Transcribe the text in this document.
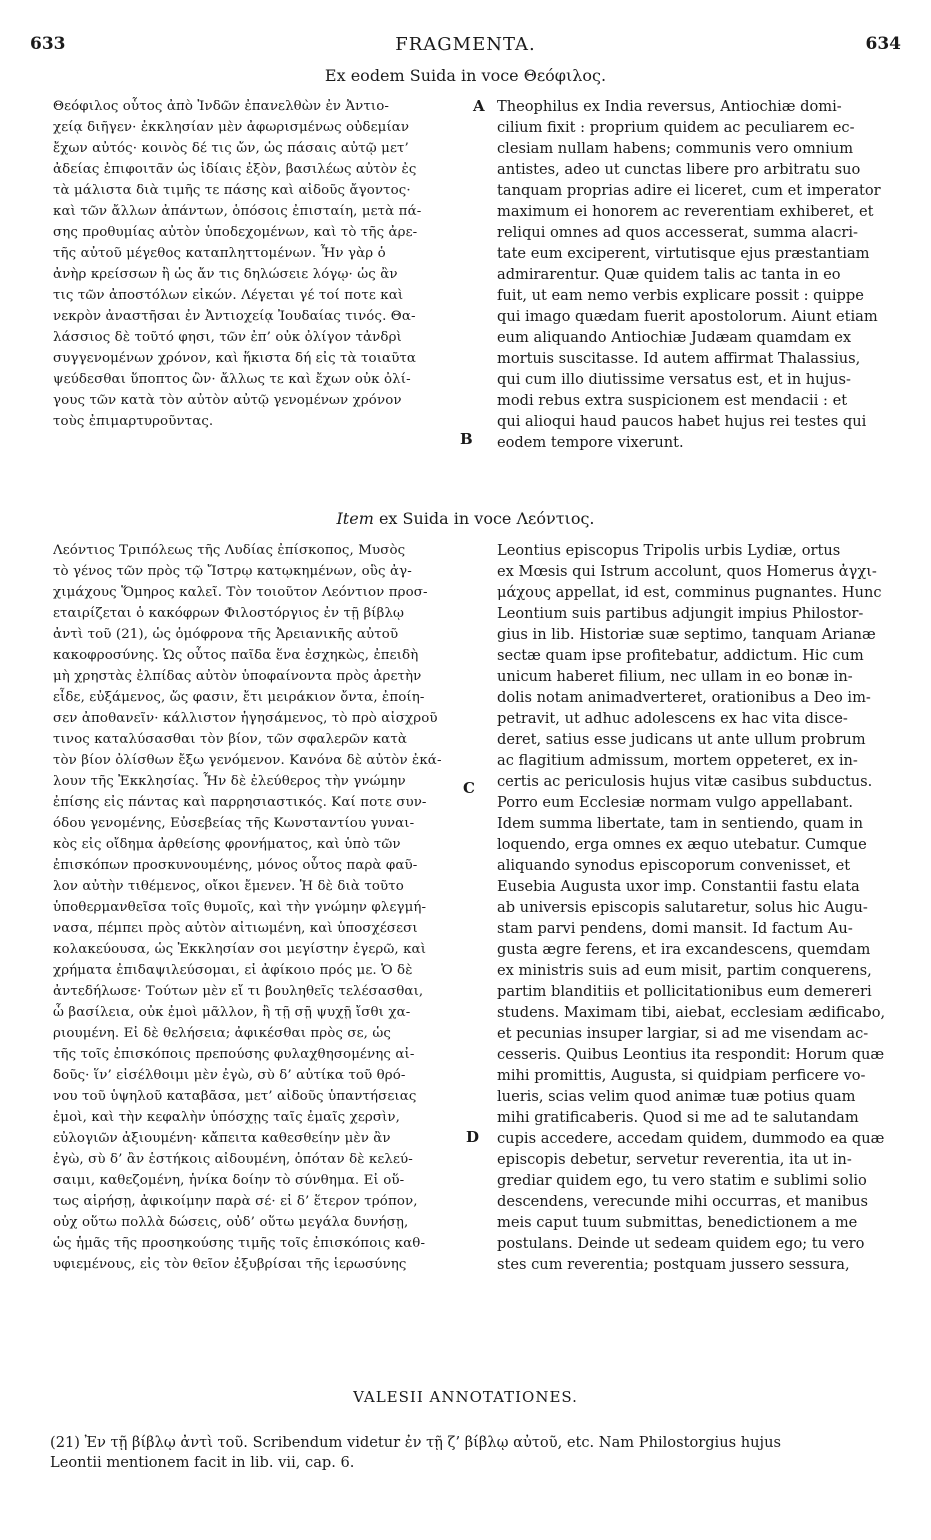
633	FRAGMENTA.	634
Ex eodem Suida in voce Θεόφιλος.
Θεόφιλος οὗτος ἀπὸ Ἰνδῶν ἐπανελθὼν ἐν Ἀντιο-
χείᾳ διῆγεν· ἐκκλησίαν μὲν ἀφωρισμένως οὐδεμίαν
ἔχων αὐτός· κοινὸς δέ τις ὤν, ὡς πάσαις αὐτῷ μετ’
ἀδείας ἐπιφοιτᾶν ὡς ἰδίαις ἐξὸν, βασιλέως αὐτὸν ἐς
τὰ μάλιστα διὰ τιμῆς τε πάσης καὶ αἰδοῦς ἄγοντος·
καὶ τῶν ἄλλων ἀπάντων, ὁπόσοις ἐπισταίη, μετὰ πά-
σης προθυμίας αὐτὸν ὑποδεχομένων, καὶ τὸ τῆς ἀρε-
τῆς αὐτοῦ μέγεθος καταπληττομένων. Ἦν γὰρ ὁ
ἀνὴρ κρείσσων ἢ ὡς ἄν τις δηλώσειε λόγῳ· ὡς ἂν
τις τῶν ἀποστόλων εἰκών. Λέγεται γέ τοί ποτε καὶ
νεκρὸν ἀναστῆσαι ἐν Ἀντιοχείᾳ Ἰουδαίας τινός. Θα-
λάσσιος δὲ τοῦτό φησι, τῶν ἐπ’ οὐκ ὀλίγον τἀνδρὶ
συγγενομένων χρόνον, καὶ ἥκιστα δή εἰς τὰ τοιαῦτα
ψεύδεσθαι ὕποπτος ὢν· ἄλλως τε καὶ ἔχων οὐκ ὀλί-
γους τῶν κατὰ τὸν αὐτὸν αὐτῷ γενομένων χρόνον
τοὺς ἐπιμαρτυροῦντας.
Theophilus ex India reversus, Antiochiæ domi-
cilium fixit : proprium quidem ac peculiarem ec-
clesiam nullam habens; communis vero omnium
antistes, adeo ut cunctas libere pro arbitratu suo
tanquam proprias adire ei liceret, cum et imperator
maximum ei honorem ac reverentiam exhiberet, et
reliqui omnes ad quos accesserat, summa alacri-
tate eum exciperent, virtutisque ejus præstantiam
admirarentur. Quæ quidem talis ac tanta in eo
fuit, ut eam nemo verbis explicare possit : quippe
qui imago quædam fuerit apostolorum. Aiunt etiam
eum aliquando Antiochiæ Judæam quamdam ex
mortuis suscitasse. Id autem affirmat Thalassius,
qui cum illo diutissime versatus est, et in hujus-
modi rebus extra suspicionem est mendacii : et
qui alioqui haud paucos habet hujus rei testes qui
eodem tempore vixerunt.
A
B
Item ex Suida in voce Λεόντιος.
Λεόντιος Τριπόλεως τῆς Λυδίας ἐπίσκοπος, Μυσὸς
τὸ γένος τῶν πρὸς τῷ Ἴστρῳ κατῳκημένων, οὓς ἀγ-
χιμάχους Ὅμηρος καλεῖ. Τὸν τοιοῦτον Λεόντιον προσ-
εταιρίζεται ὁ κακόφρων Φιλοστόργιος ἐν τῇ βίβλῳ
ἀντὶ τοῦ (21), ὡς ὁμόφρονα τῆς Ἀρειανικῆς αὐτοῦ
κακοφροσύνης. Ὡς οὗτος παῖδα ἕνα ἐσχηκὼς, ἐπειδὴ
μὴ χρηστὰς ἐλπίδας αὐτὸν ὑποφαίνοντα πρὸς ἀρετὴν
εἶδε, εὐξάμενος, ὥς φασιν, ἔτι μειράκιον ὄντα, ἐποίη-
σεν ἀποθανεῖν· κάλλιστον ἡγησάμενος, τὸ πρὸ αἰσχροῦ
τινος καταλύσασθαι τὸν βίον, τῶν σφαλερῶν κατὰ
τὸν βίον ὀλίσθων ἔξω γενόμενον. Κανόνα δὲ αὐτὸν ἐκά-
λουν τῆς Ἐκκλησίας. Ἦν δὲ ἐλεύθερος τὴν γνώμην
ἐπίσης εἰς πάντας καὶ παρρησιαστικός. Καί ποτε συν-
όδου γενομένης, Εὐσεβείας τῆς Κωνσταντίου γυναι-
κὸς εἰς οἴδημα ἀρθείσης φρονήματος, καὶ ὑπὸ τῶν
ἐπισκόπων προσκυνουμένης, μόνος οὗτος παρὰ φαῦ-
λον αὐτὴν τιθέμενος, οἴκοι ἔμενεν. Ἡ δὲ διὰ τοῦτο
ὑποθερμανθεῖσα τοῖς θυμοῖς, καὶ τὴν γνώμην φλεγμή-
νασα, πέμπει πρὸς αὐτὸν αἰτιωμένη, καὶ ὑποσχέσεσι
κολακεύουσα, ὡς Ἐκκλησίαν σοι μεγίστην ἐγερῶ, καὶ
χρήματα ἐπιδαψιλεύσομαι, εἰ ἀφίκοιο πρός με. Ὁ δὲ
ἀντεδήλωσε· Τούτων μὲν εἴ τι βουληθεῖς τελέσασθαι,
ὦ βασίλεια, οὐκ ἐμοὶ μᾶλλον, ἢ τῇ σῇ ψυχῇ ἴσθι χα-
ριουμένη. Εἰ δὲ θελήσεια; ἀφικέσθαι πρὸς σε, ὡς
τῆς τοῖς ἐπισκόποις πρεπούσης φυλαχθησομένης αἰ-
δοῦς· ἵν’ εἰσέλθοιμι μὲν ἐγὼ, σὺ δ’ αὐτίκα τοῦ θρό-
νου τοῦ ὑψηλοῦ καταβᾶσα, μετ’ αἰδοῦς ὑπαντήσειας
ἐμοὶ, καὶ τὴν κεφαλὴν ὑπόσχῃς ταῖς ἐμαῖς χερσὶν,
εὐλογιῶν ἀξιουμένη· κἄπειτα καθεσθείην μὲν ἂν
ἐγὼ, σὺ δ’ ἂν ἑστήκοις αἰδουμένη, ὁπόταν δὲ κελεύ-
σαιμι, καθεζομένη, ἡνίκα δοίην τὸ σύνθημα. Εἰ οὕ-
τως αἱρήσῃ, ἀφικοίμην παρὰ σέ· εἰ δ’ ἕτερον τρόπον,
οὐχ οὕτω πολλὰ δώσεις, οὐδ’ οὕτω μεγάλα δυνήσῃ,
ὡς ἡμᾶς τῆς προσηκούσης τιμῆς τοῖς ἐπισκόποις καθ-
υφιεμένους, εἰς τὸν θεῖον ἐξυβρίσαι τῆς ἱερωσύνης
Leontius episcopus Tripolis urbis Lydiæ, ortus
ex Mœsis qui Istrum accolunt, quos Homerus ἀγχι-
μάχους appellat, id est, comminus pugnantes. Hunc
Leontium suis partibus adjungit impius Philostor-
gius in lib. Historiæ suæ septimo, tanquam Arianæ
sectæ quam ipse profitebatur, addictum. Hic cum
unicum haberet filium, nec ullam in eo bonæ in-
dolis notam animadverteret, orationibus a Deo im-
petravit, ut adhuc adolescens ex hac vita disce-
deret, satius esse judicans ut ante ullum probrum
ac flagitium admissum, mortem oppeteret, ex in-
certis ac periculosis hujus vitæ casibus subductus.
Porro eum Ecclesiæ normam vulgo appellabant.
Idem summa libertate, tam in sentiendo, quam in
loquendo, erga omnes ex æquo utebatur. Cumque
aliquando synodus episcoporum convenisset, et
Eusebia Augusta uxor imp. Constantii fastu elata
ab universis episcopis salutaretur, solus hic Augu-
stam parvi pendens, domi mansit. Id factum Au-
gusta ægre ferens, et ira excandescens, quemdam
ex ministris suis ad eum misit, partim conquerens,
partim blanditiis et pollicitationibus eum demereri
studens. Maximam tibi, aiebat, ecclesiam ædificabo,
et pecunias insuper largiar, si ad me visendam ac-
cesseris. Quibus Leontius ita respondit: Horum quæ
mihi promittis, Augusta, si quidpiam perficere vo-
lueris, scias velim quod animæ tuæ potius quam
mihi gratificaberis. Quod si me ad te salutandam
cupis accedere, accedam quidem, dummodo ea quæ
episcopis debetur, servetur reverentia, ita ut in-
grediar quidem ego, tu vero statim e sublimi solio
descendens, verecunde mihi occurras, et manibus
meis caput tuum submittas, benedictionem a me
postulans. Deinde ut sedeam quidem ego; tu vero
stes cum reverentia; postquam jussero sessura,
C
D
VALESII ANNOTATIONES.
(21) Ἐν τῇ βίβλῳ ἀντὶ τοῦ. Scribendum videtur ἐν τῇ ζ’ βίβλῳ αὐτοῦ, etc. Nam Philostorgius hujus
Leontii mentionem facit in lib. vii, cap. 6.
